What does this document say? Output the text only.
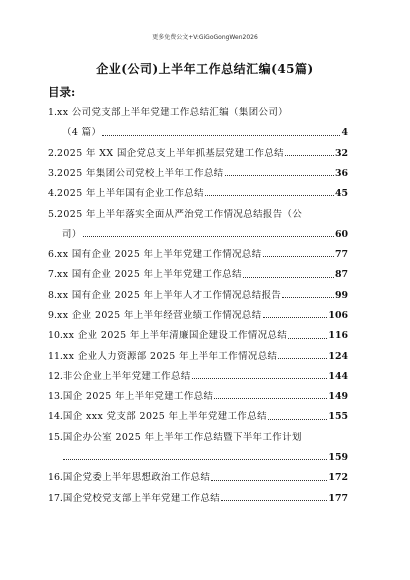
更多免费公文+V:GiGoGongWen2026
企业(公司)上半年工作总结汇编(45篇)
目录:
1. xx 公司党支部上半年党建工作总结汇编（集团公司）
（4 篇）	4
2. 2025 年 XX 国企党总支上半年抓基层党建工作总结	32
3. 2025 年集团公司党校上半年工作总结	36
4. 2025 年上半年国有企业工作总结	45
5. 2025 年上半年落实全面从严治党工作情况总结报告（公
司）	60
6. xx 国有企业 2025 年上半年党建工作情况总结	77
7. xx 国有企业 2025 年上半年党建工作总结	87
8. xx 国有企业 2025 年上半年人才工作情况总结报告	99
9. xx 企业 2025 年上半年经营业绩工作情况总结	106
10. xx 企业 2025 年上半年清廉国企建设工作情况总结	116
11. xx 企业人力资源部 2025 年上半年工作情况总结	124
12. 非公企业上半年党建工作总结	144
13. 国企 2025 年上半年党建工作总结	149
14. 国企 xxx 党支部 2025 年上半年党建工作总结	155
15. 国企办公室 2025 年上半年工作总结暨下半年工作计划
159
16. 国企党委上半年思想政治工作总结	172
17. 国企党校党支部上半年党建工作总结	177
